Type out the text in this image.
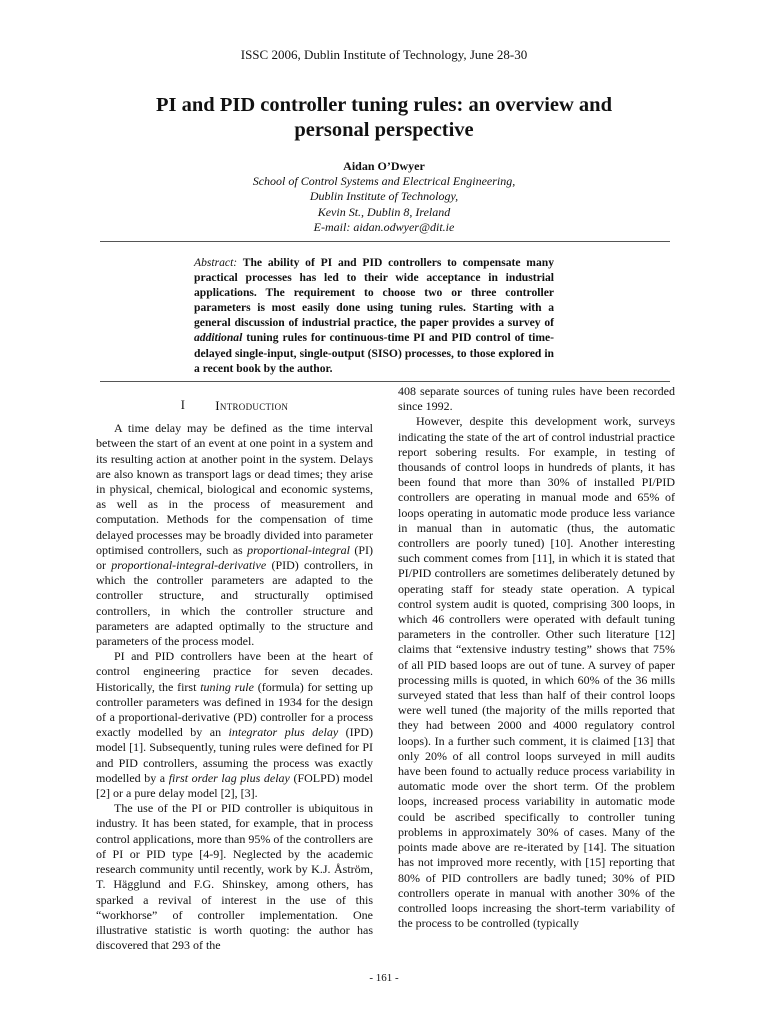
ISSC 2006, Dublin Institute of Technology, June 28-30
PI and PID controller tuning rules: an overview and
personal perspective
Aidan O’Dwyer
School of Control Systems and Electrical Engineering,
Dublin Institute of Technology,
Kevin St., Dublin 8, Ireland
E-mail: aidan.odwyer@dit.ie
Abstract: The ability of PI and PID controllers to compensate many practical processes has led to their wide acceptance in industrial applications. The requirement to choose two or three controller parameters is most easily done using tuning rules. Starting with a general discussion of industrial practice, the paper provides a survey of additional tuning rules for continuous-time PI and PID control of time-delayed single-input, single-output (SISO) processes, to those explored in a recent book by the author.
I Introduction

A time delay may be defined as the time interval between the start of an event at one point in a system and its resulting action at another point in the system. Delays are also known as transport lags or dead times; they arise in physical, chemical, biological and economic systems, as well as in the process of measurement and computation. Methods for the compensation of time delayed processes may be broadly divided into parameter optimised controllers, such as proportional-integral (PI) or proportional-integral-derivative (PID) controllers, in which the controller parameters are adapted to the controller structure, and structurally optimised controllers, in which the controller structure and parameters are adapted optimally to the structure and parameters of the process model.

PI and PID controllers have been at the heart of control engineering practice for seven decades. Historically, the first tuning rule (formula) for setting up controller parameters was defined in 1934 for the design of a proportional-derivative (PD) controller for a process exactly modelled by an integrator plus delay (IPD) model [1]. Subsequently, tuning rules were defined for PI and PID controllers, assuming the process was exactly modelled by a first order lag plus delay (FOLPD) model [2] or a pure delay model [2], [3].

The use of the PI or PID controller is ubiquitous in industry. It has been stated, for example, that in process control applications, more than 95% of the controllers are of PI or PID type [4-9]. Neglected by the academic research community until recently, work by K.J. Åström, T. Hägglund and F.G. Shinskey, among others, has sparked a revival of interest in the use of this “workhorse” of controller implementation. One illustrative statistic is worth quoting: the author has discovered that 293 of the

408 separate sources of tuning rules have been recorded since 1992.

However, despite this development work, surveys indicating the state of the art of control industrial practice report sobering results. For example, in testing of thousands of control loops in hundreds of plants, it has been found that more than 30% of installed PI/PID controllers are operating in manual mode and 65% of loops operating in automatic mode produce less variance in manual than in automatic (thus, the automatic controllers are poorly tuned) [10]. Another interesting such comment comes from [11], in which it is stated that PI/PID controllers are sometimes deliberately detuned by operating staff for steady state operation. A typical control system audit is quoted, comprising 300 loops, in which 46 controllers were operated with default tuning parameters in the controller. Other such literature [12] claims that “extensive industry testing” shows that 75% of all PID based loops are out of tune. A survey of paper processing mills is quoted, in which 60% of the 36 mills surveyed stated that less than half of their control loops were well tuned (the majority of the mills reported that they had between 2000 and 4000 regulatory control loops). In a further such comment, it is claimed [13] that only 20% of all control loops surveyed in mill audits have been found to actually reduce process variability in automatic mode over the short term. Of the problem loops, increased process variability in automatic mode could be ascribed specifically to controller tuning problems in approximately 30% of cases. Many of the points made above are re-iterated by [14]. The situation has not improved more recently, with [15] reporting that 80% of PID controllers are badly tuned; 30% of PID controllers operate in manual with another 30% of the controlled loops increasing the short-term variability of the process to be controlled (typically

- 161 -
